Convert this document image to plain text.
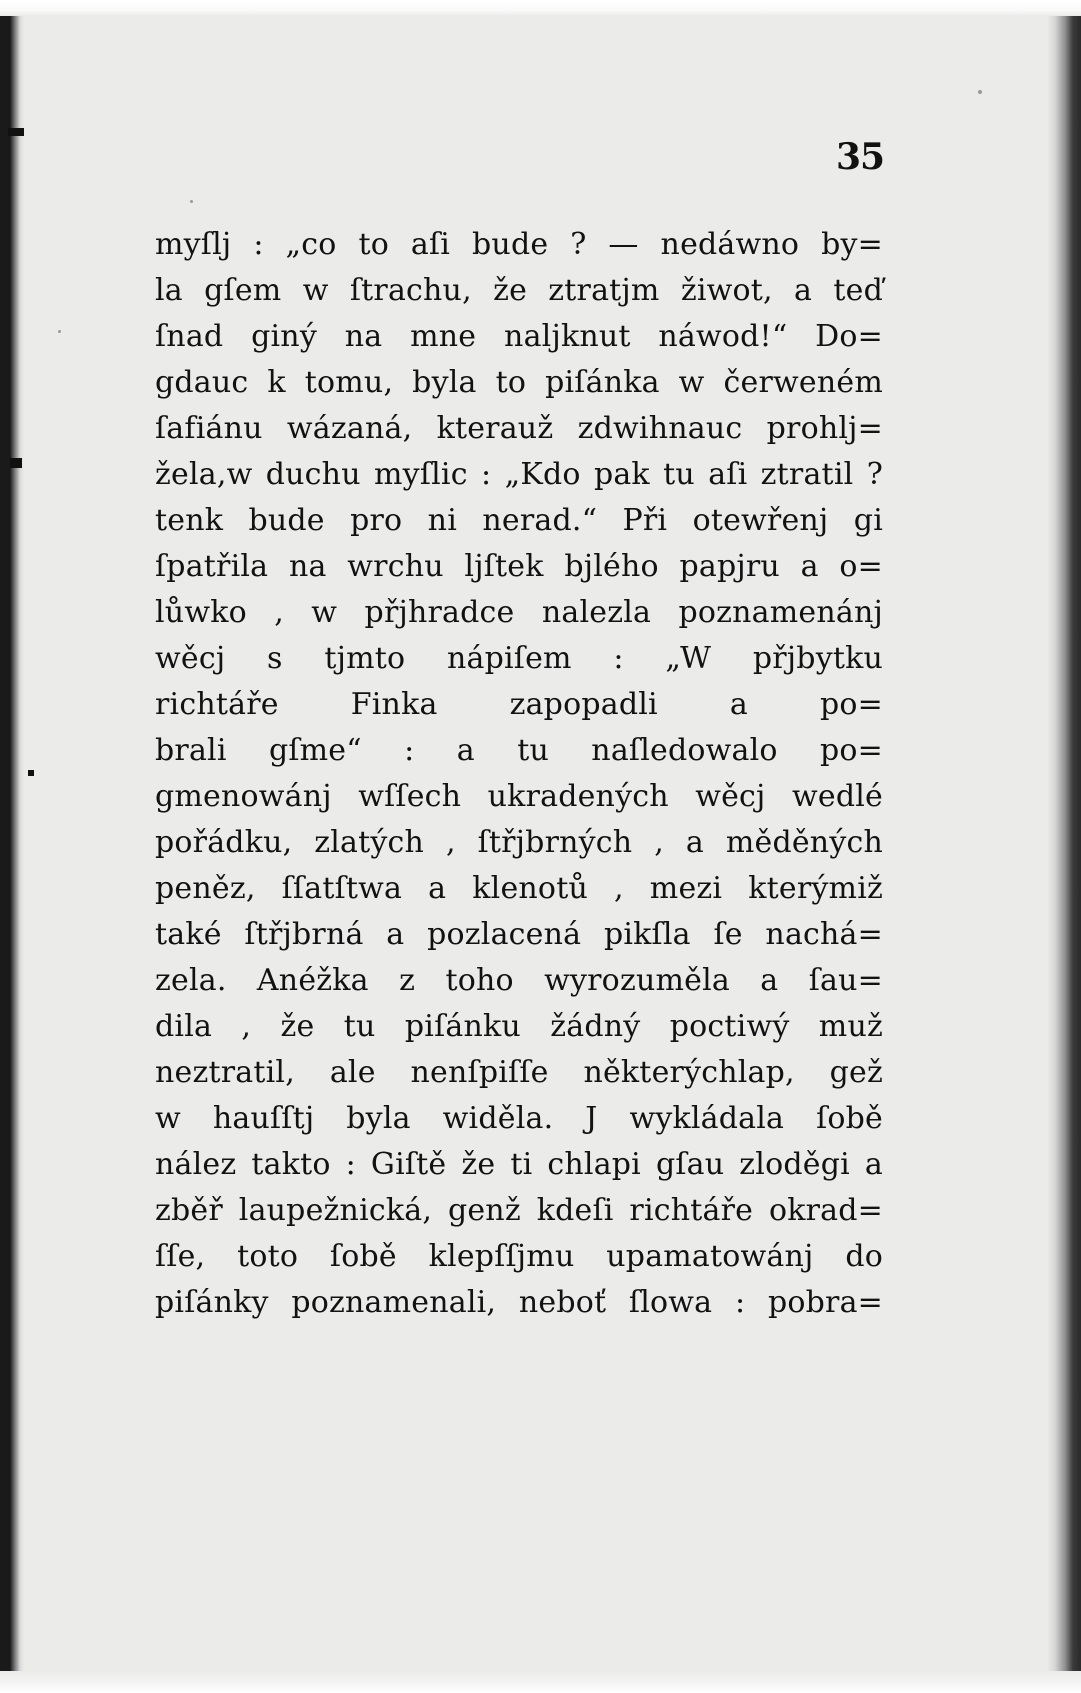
35
myſlj : „co to aſi bude ? — nedáwno by=
la gſem w ſtrachu, že ztratjm žiwot, a teď
ſnad giný na mne naljknut náwod!“ Do=
gdauc k tomu, byla to piſánka w čerweném
ſafiánu wázaná, kterauž zdwihnauc prohlj=
žela,w duchu myſlic : „Kdo pak tu aſi ztratil ?
tenk bude pro ni nerad.“ Při otewřenj gi
ſpatřila na wrchu ljſtek bjlého papjru a o=
lůwko , w přjhradce nalezla poznamenánj
wěcj s tjmto nápiſem : „W přjbytku
richtáře Finka zapopadli a po=
brali gſme“ : a tu naſledowalo po=
gmenowánj wſſech ukradených wěcj wedlé
pořádku, zlatých , ſtřjbrných , a měděných
peněz, ſſatſtwa a klenotů , mezi kterýmiž
také ſtřjbrná a pozlacená pikſla ſe nachá=
zela. Anéžka z toho wyrozuměla a ſau=
dila , že tu piſánku žádný poctiwý muž
neztratil, ale nenſpiſſe některýchlap, gež
w hauſſtj byla widěla. J wykládala ſobě
nález takto : Giſtě že ti chlapi gſau zloděgi a
zběř laupežnická, genž kdeſi richtáře okrad=
ſſe, toto ſobě klepſſjmu upamatowánj do
piſánky poznamenali, neboť ſlowa : pobra=
